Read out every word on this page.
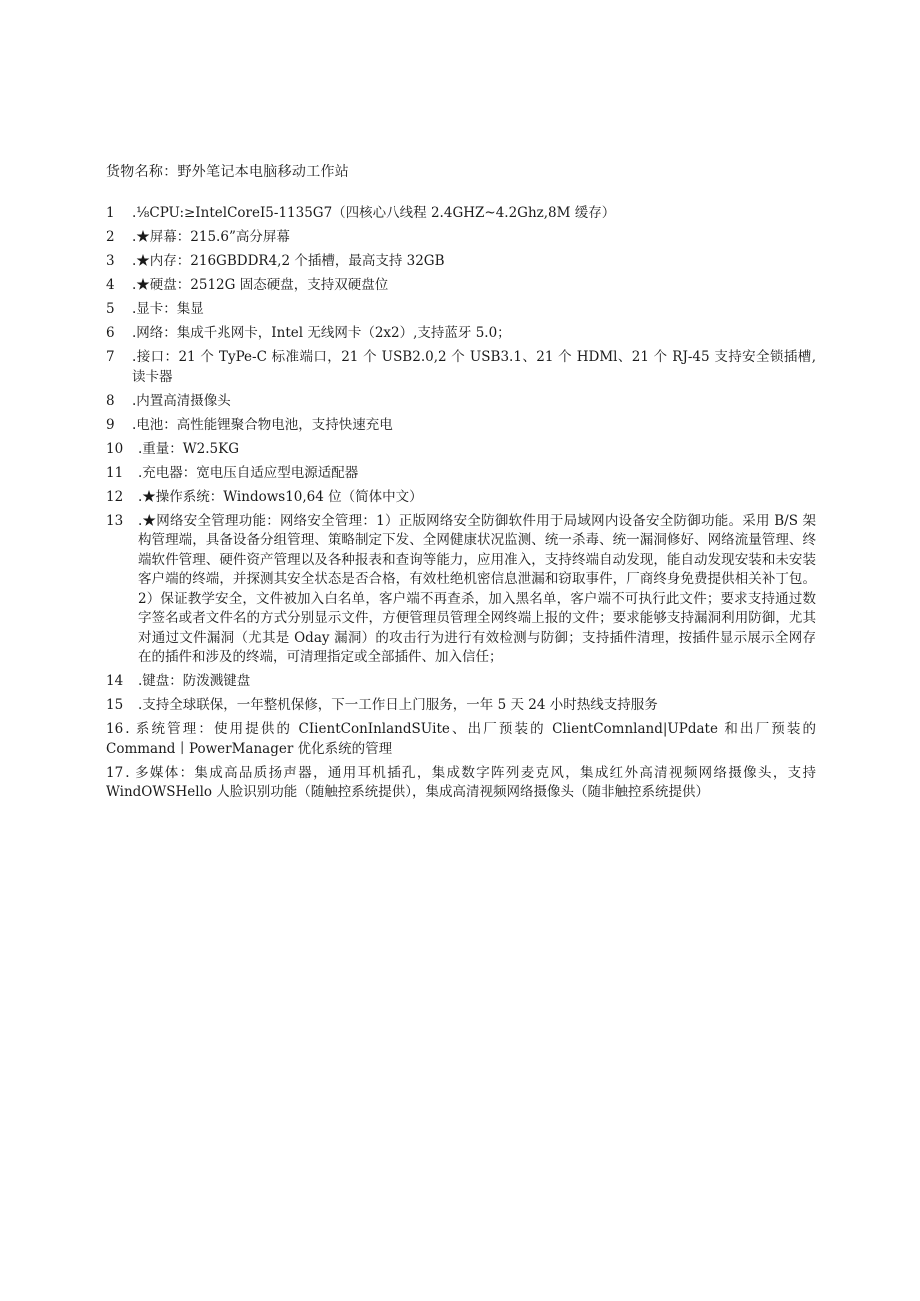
货物名称：野外笔记本电脑移动工作站
1 .⅛CPU:≥IntelCoreI5-1135G7（四核心八线程 2.4GHZ~4.2Ghz,8M 缓存）
2 .★屏幕：215.6”高分屏幕
3 .★内存：216GBDDR4,2 个插槽，最高支持 32GB
4 .★硬盘：2512G 固态硬盘，支持双硬盘位
5 .显卡：集显
6 .网络：集成千兆网卡，Intel 无线网卡（2x2）,支持蓝牙 5.0；
7 .接口：21 个 TyPe-C 标准端口，21 个 USB2.0,2 个 USB3.1、21 个 HDMl、21 个 RJ-45 支持安全锁插槽, 读卡器
8 .内置高清摄像头
9 .电池：高性能锂聚合物电池，支持快速充电
10 .重量：W2.5KG
11 .充电器：宽电压自适应型电源适配器
12 .★操作系统：Windows10,64 位（简体中文）
13 .★网络安全管理功能：网络安全管理：1）正版网络安全防御软件用于局域网内设备安全防御功能。采用 B/S 架构管理端，具备设备分组管理、策略制定下发、全网健康状况监测、统一杀毒、统一漏洞修好、网络流量管理、终端软件管理、硬件资产管理以及各种报表和查询等能力，应用准入，支持终端自动发现，能自动发现安装和未安装客户端的终端，并探测其安全状态是否合格，有效杜绝机密信息泄漏和窃取事件，厂商终身免费提供相关补丁包。2）保证教学安全，文件被加入白名单，客户端不再查杀，加入黑名单，客户端不可执行此文件；要求支持通过数字签名或者文件名的方式分别显示文件，方便管理员管理全网终端上报的文件；要求能够支持漏洞利用防御，尤其对通过文件漏洞（尤其是 Oday 漏洞）的攻击行为进行有效检测与防御；支持插件清理，按插件显示展示全网存在的插件和涉及的终端，可清理指定或全部插件、加入信任；
14 .键盘：防泼溅键盘
15 .支持全球联保，一年整机保修，下一工作日上门服务，一年 5 天 24 小时热线支持服务
16 . 系统管理：使用提供的 CIientConInlandSUite、出厂预装的 ClientComnland|UPdate 和出厂预装的 Command丨PowerManager 优化系统的管理
17 . 多媒体：集成高品质扬声器，通用耳机插孔，集成数字阵列麦克风，集成红外高清视频网络摄像头，支持 WindOWSHello 人脸识别功能（随触控系统提供），集成高清视频网络摄像头（随非触控系统提供）
